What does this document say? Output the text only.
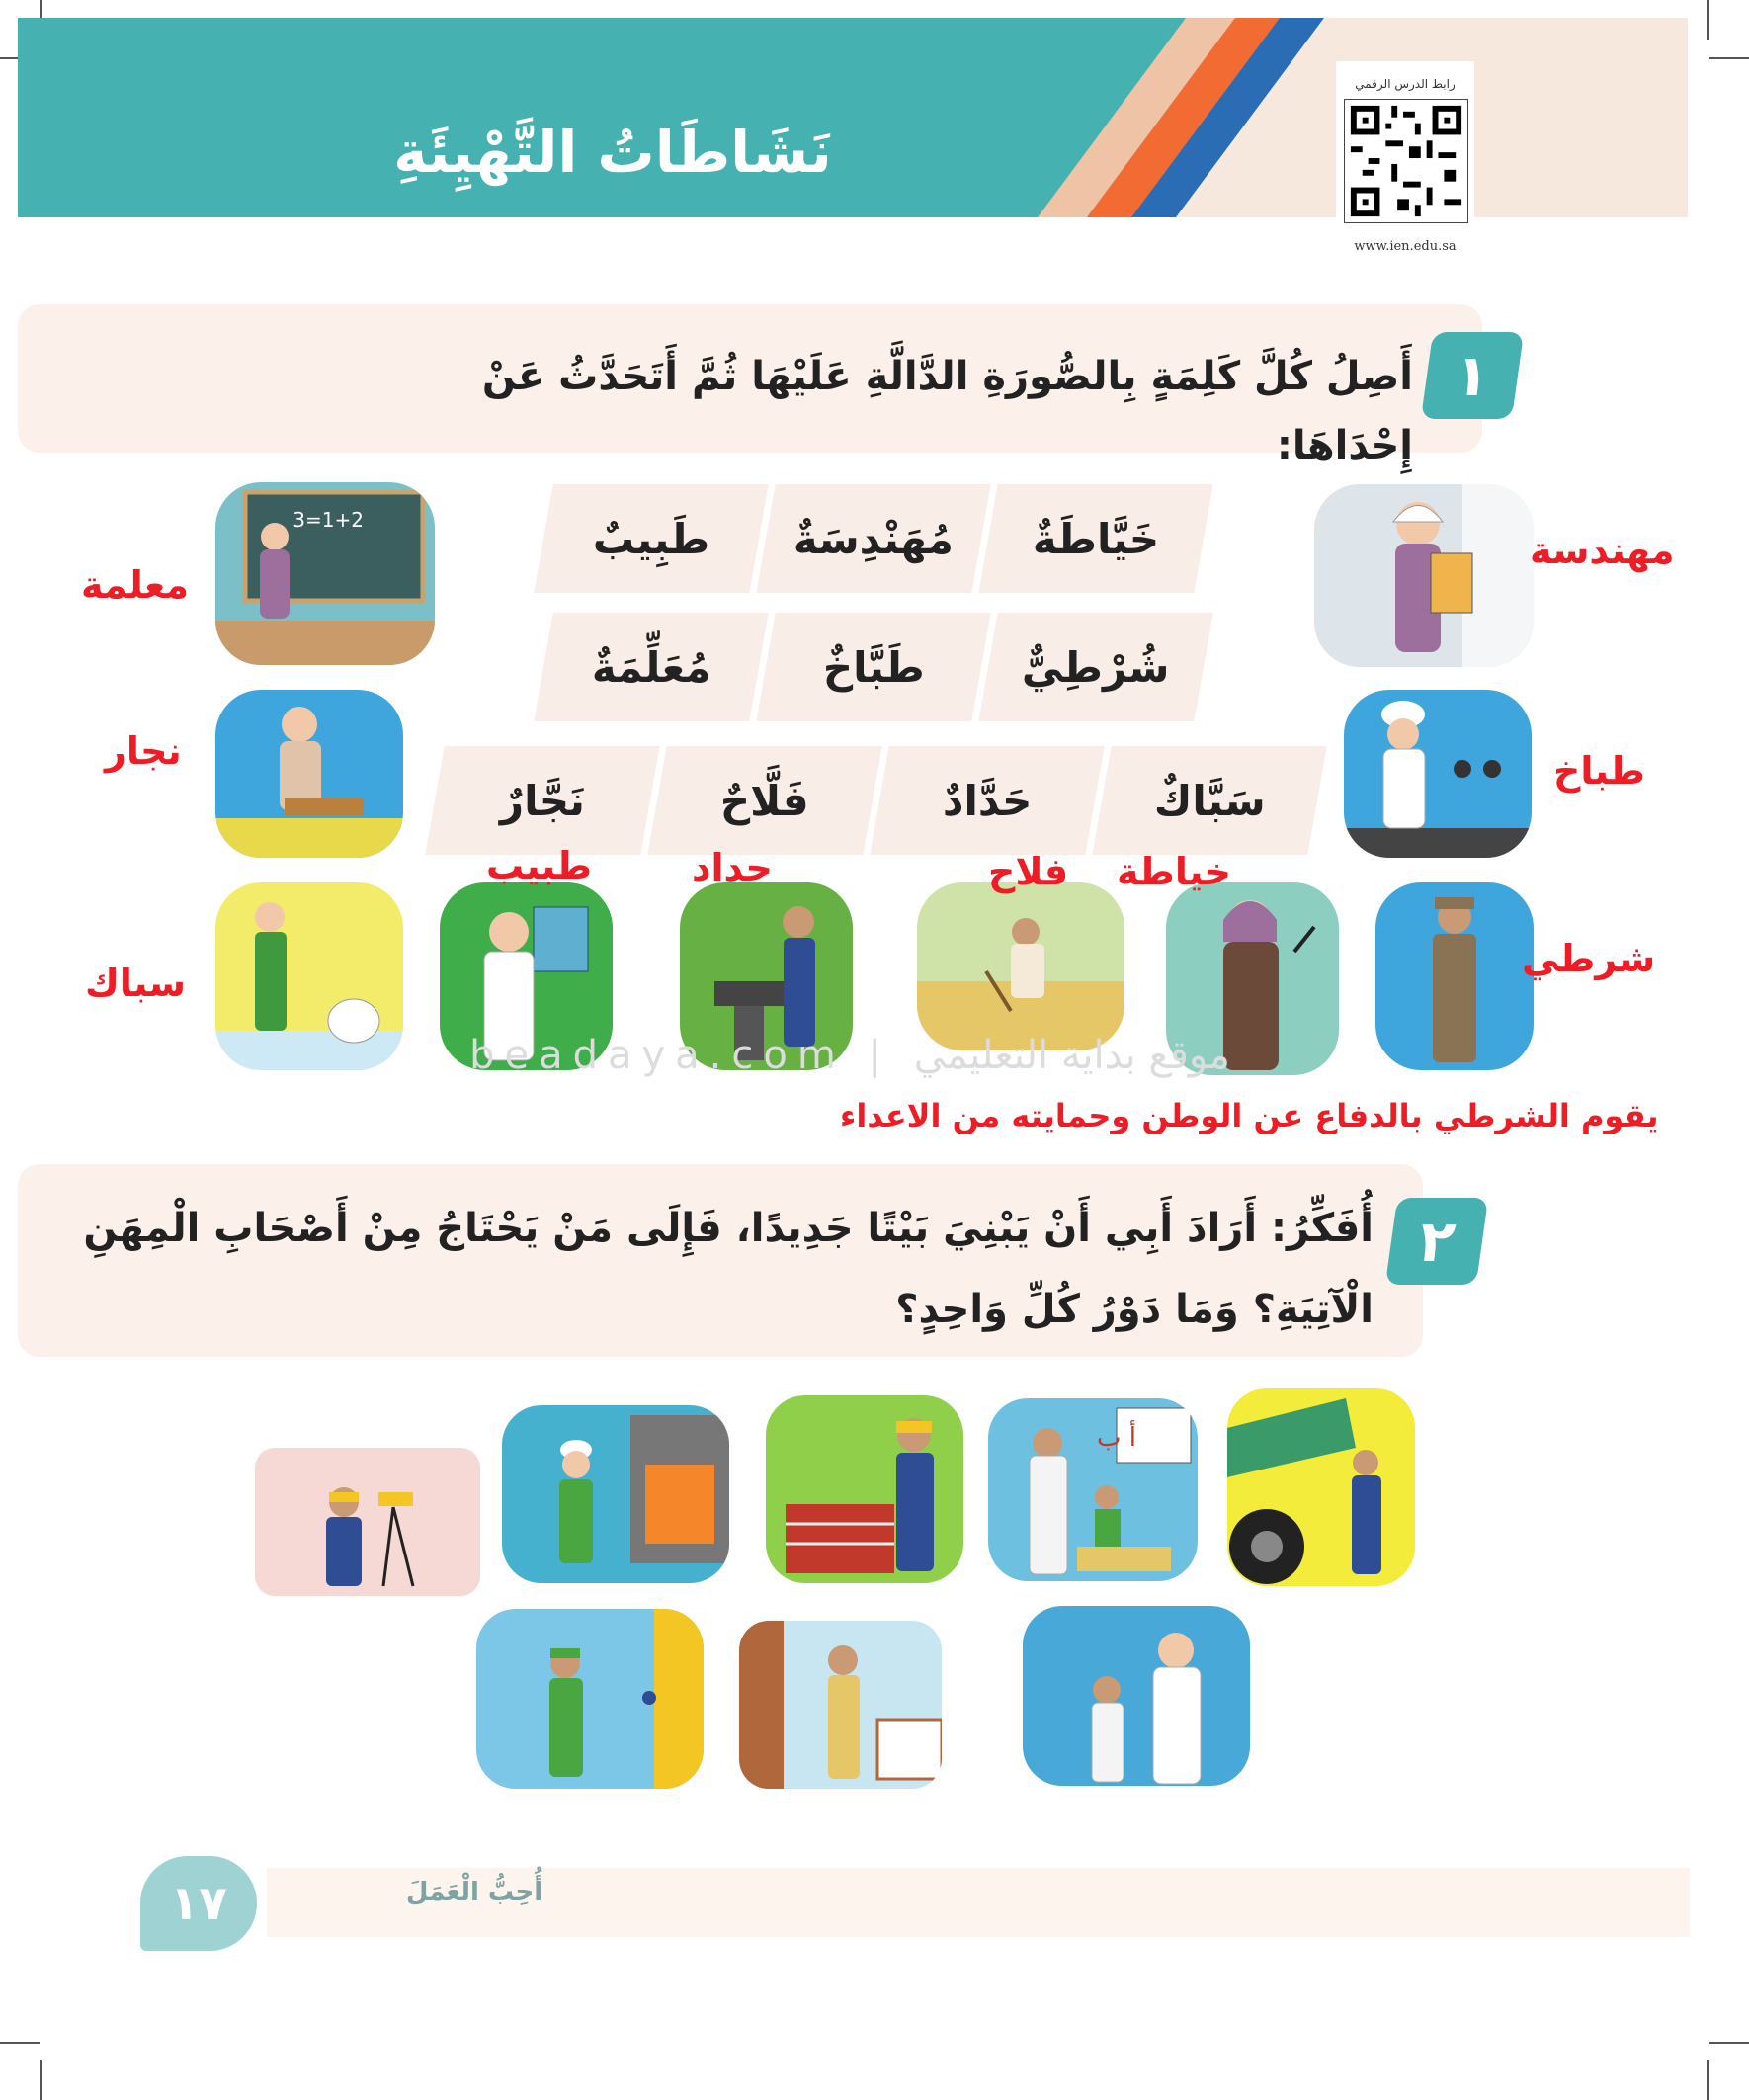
نَشَاطَاتُ التَّهْيِئَةِ
رابط الدرس الرقمي
www.ien.edu.sa
١
أَصِلُ كُلَّ كَلِمَةٍ بِالصُّورَةِ الدَّالَّةِ عَلَيْهَا ثُمَّ أَتَحَدَّثُ عَنْ إِحْدَاهَا:
خَيَّاطَةٌ
مُهَنْدِسَةٌ
طَبِيبٌ
شُرْطِيٌّ
طَبَّاخٌ
مُعَلِّمَةٌ
سَبَّاكٌ
حَدَّادٌ
فَلَّاحٌ
نَجَّارٌ
1+2=3
مهندسة
معلمة
نجار	طباخ
سباك
طبيب	حداد	فلاح خياطة
شرطي
يقوم الشرطي بالدفاع عن الوطن وحمايته من الاعداء
beadaya.com | موقع بداية التعليمي
٢
أُفَكِّرُ: أَرَادَ أَبِي أَنْ يَبْنِيَ بَيْتًا جَدِيدًا، فَإِلَى مَنْ يَحْتَاجُ مِنْ أَصْحَابِ الْمِهَنِ
الْآتِيَةِ؟ وَمَا دَوْرُ كُلِّ وَاحِدٍ؟
أ ب
١٧	أُحِبُّ الْعَمَلَ
